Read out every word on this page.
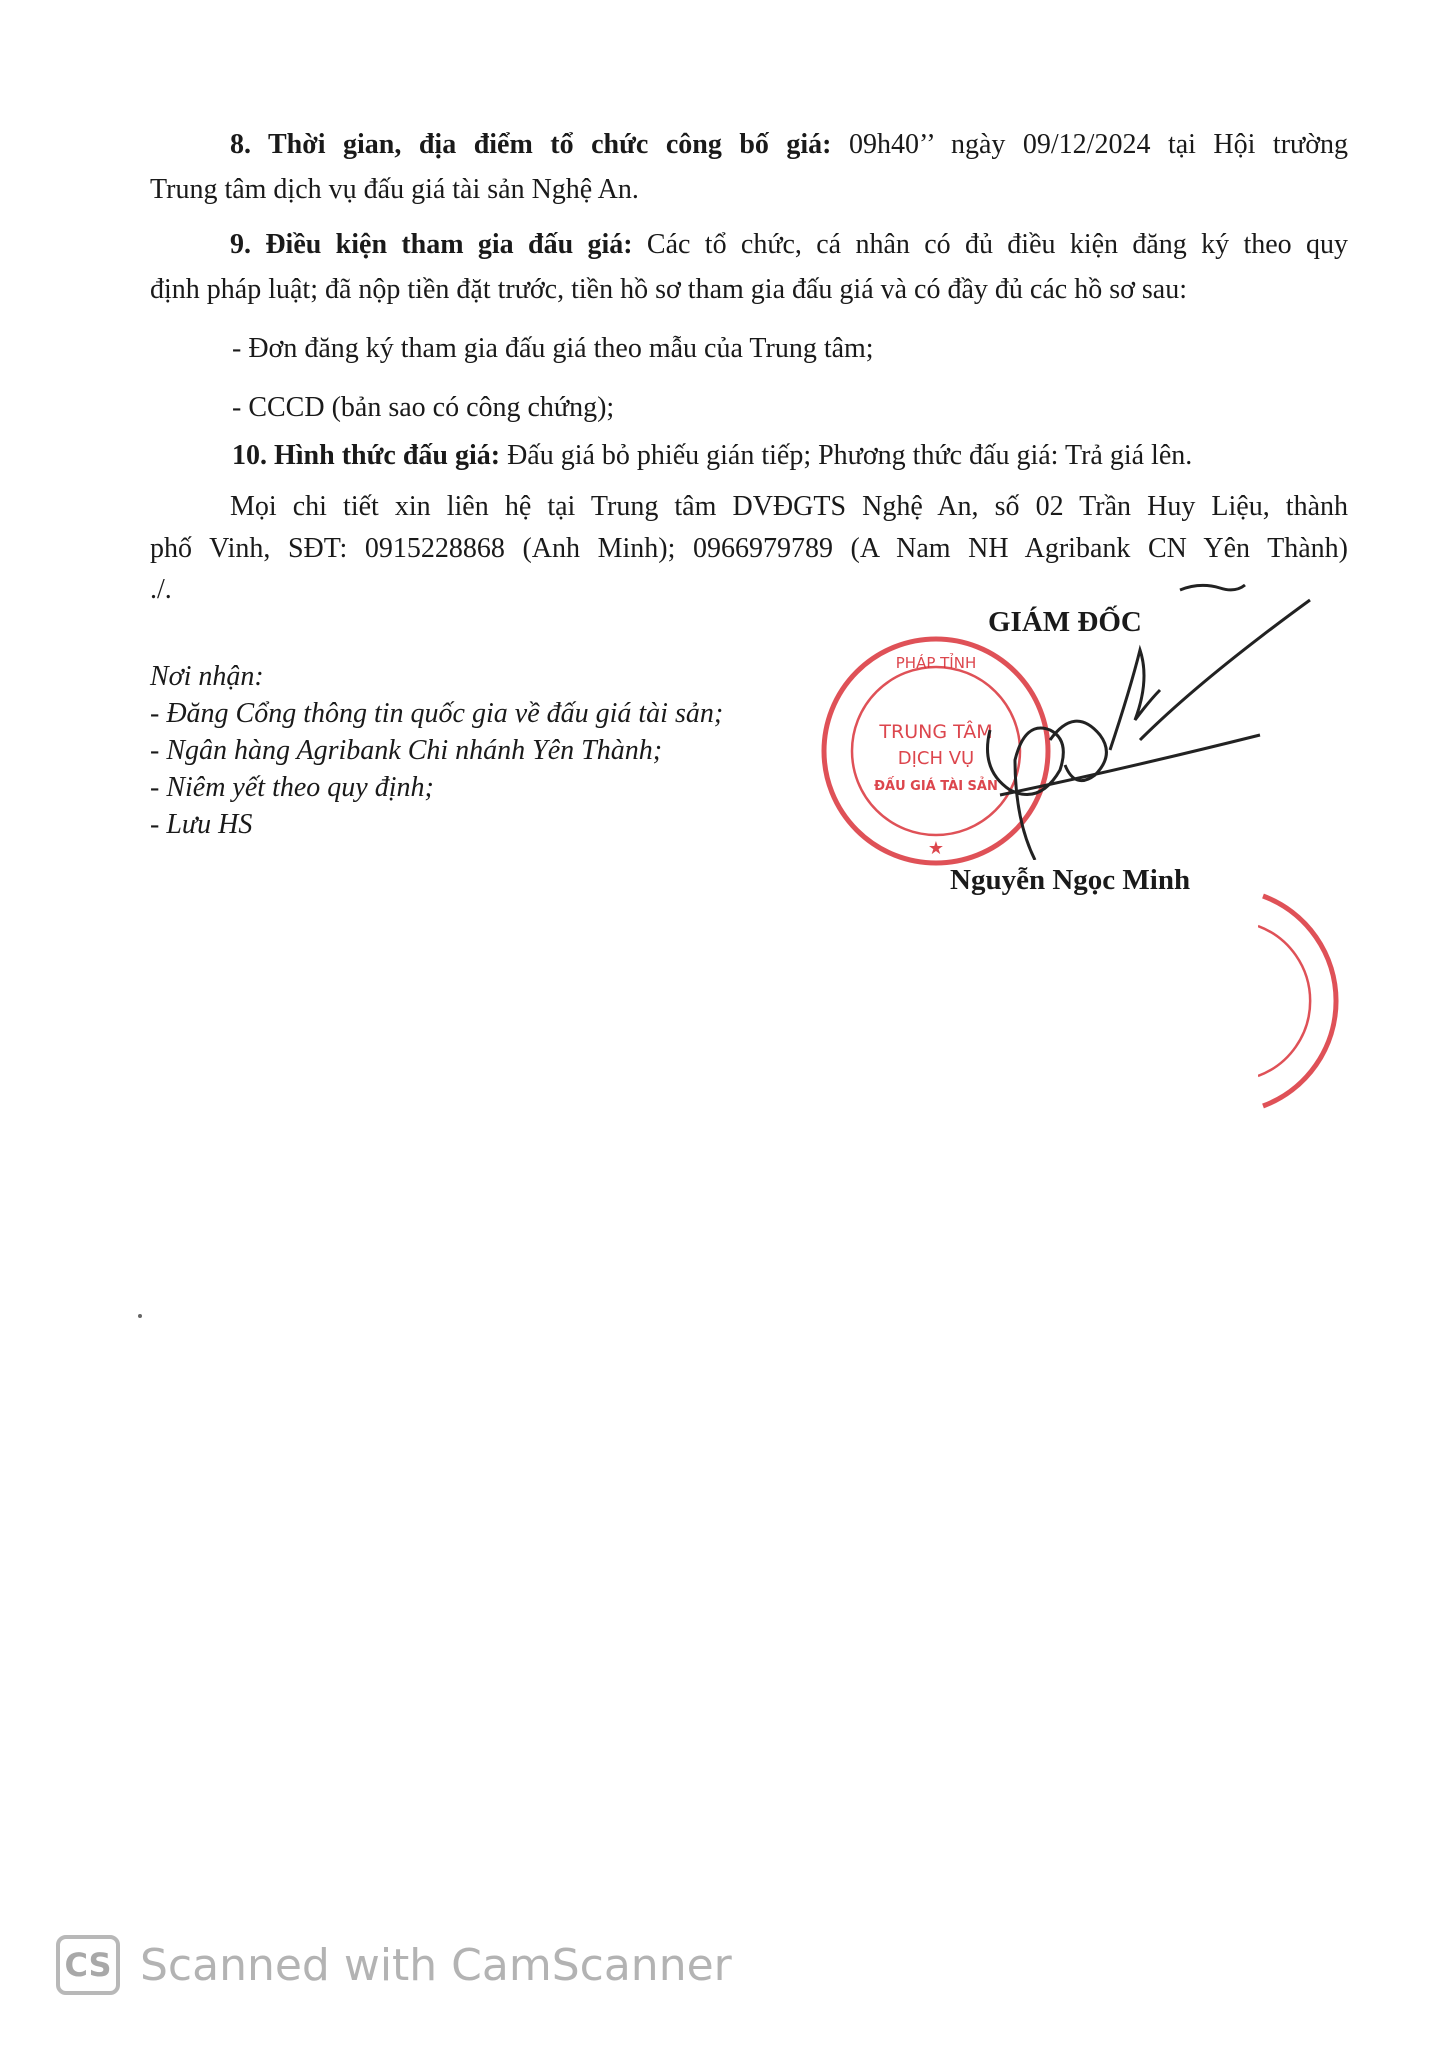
8. Thời gian, địa điểm tổ chức công bố giá: 09h40’’ ngày 09/12/2024 tại Hội trường

Trung tâm dịch vụ đấu giá tài sản Nghệ An.

9. Điều kiện tham gia đấu giá: Các tổ chức, cá nhân có đủ điều kiện đăng ký theo quy

định pháp luật; đã nộp tiền đặt trước, tiền hồ sơ tham gia đấu giá và có đầy đủ các hồ sơ sau:

- Đơn đăng ký tham gia đấu giá theo mẫu của Trung tâm;

- CCCD (bản sao có công chứng);

10. Hình thức đấu giá: Đấu giá bỏ phiếu gián tiếp; Phương thức đấu giá: Trả giá lên.

Mọi chi tiết xin liên hệ tại Trung tâm DVĐGTS Nghệ An, số 02 Trần Huy Liệu, thành

phố Vinh, SĐT: 0915228868 (Anh Minh); 0966979789 (A Nam NH Agribank CN Yên Thành)

./.

Nơi nhận:
- Đăng Cổng thông tin quốc gia về đấu giá tài sản;
- Ngân hàng Agribank Chi nhánh Yên Thành;
- Niêm yết theo quy định;
- Lưu HS
GIÁM ĐỐC
PHÁP TỈNH
TRUNG TÂM
DỊCH VỤ
ĐẤU GIÁ TÀI SẢN
★
Nguyễn Ngọc Minh
CS Scanned with CamScanner
